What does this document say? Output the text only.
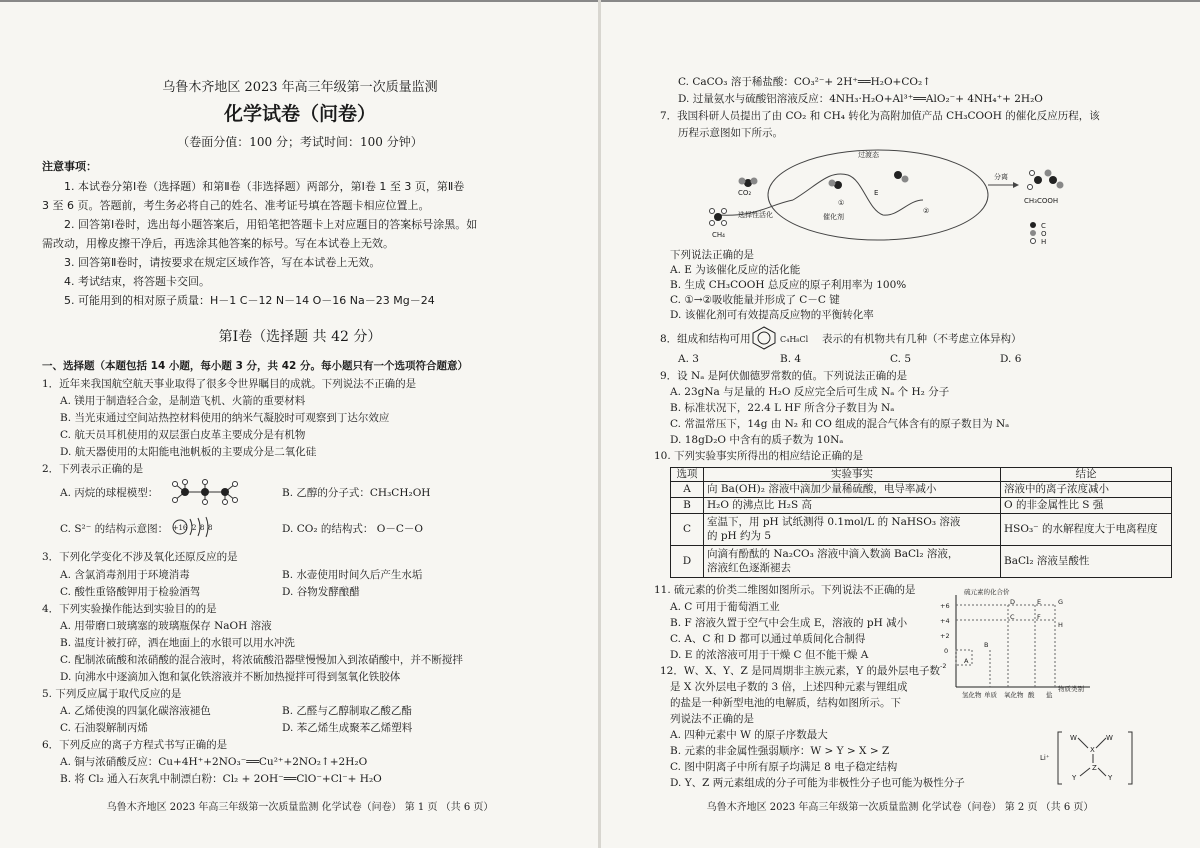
乌鲁木齐地区 2023 年高三年级第一次质量监测
化学试卷（问卷）
（卷面分值：100 分；考试时间：100 分钟）
注意事项：
1. 本试卷分第Ⅰ卷（选择题）和第Ⅱ卷（非选择题）两部分，第Ⅰ卷 1 至 3 页，第Ⅱ卷
3 至 6 页。答题前，考生务必将自己的姓名、准考证号填在答题卡相应位置上。
2. 回答第Ⅰ卷时，选出每小题答案后，用铅笔把答题卡上对应题目的答案标号涂黑。如
需改动，用橡皮擦干净后，再选涂其他答案的标号。写在本试卷上无效。
3. 回答第Ⅱ卷时，请按要求在规定区域作答，写在本试卷上无效。
4. 考试结束，将答题卡交回。
5. 可能用到的相对原子质量：H－1 C－12 N－14 O－16 Na－23 Mg－24
第Ⅰ卷（选择题 共 42 分）
一、选择题（本题包括 14 小题，每小题 3 分，共 42 分。每小题只有一个选项符合题意）
1．近年来我国航空航天事业取得了很多令世界瞩目的成就。下列说法不正确的是
A. 镁用于制造轻合金，是制造飞机、火箭的重要材料
B. 当光束通过空间站热控材料使用的纳米气凝胶时可观察到丁达尔效应
C. 航天员耳机使用的双层蛋白皮革主要成分是有机物
D. 航天器使用的太阳能电池帆板的主要成分是二氧化硅
2．下列表示正确的是
A. 丙烷的球棍模型：	B. 乙醇的分子式：CH₃CH₂OH
C. S²⁻ 的结构示意图： +16 2 8 8	D. CO₂ 的结构式： O－C－O
3．下列化学变化不涉及氧化还原反应的是
A. 含氯消毒剂用于环境消毒	B. 水壶使用时间久后产生水垢
C. 酸性重铬酸钾用于检验酒驾	D. 谷物发酵酿醋
4．下列实验操作能达到实验目的的是
A. 用带磨口玻璃塞的玻璃瓶保存 NaOH 溶液
B. 温度计被打碎，洒在地面上的水银可以用水冲洗
C. 配制浓硫酸和浓硝酸的混合液时，将浓硫酸沿器壁慢慢加入到浓硝酸中，并不断搅拌
D. 向沸水中逐滴加入饱和氯化铁溶液并不断加热搅拌可得到氢氧化铁胶体
5. 下列反应属于取代反应的是
A. 乙烯使溴的四氯化碳溶液褪色	B. 乙醛与乙醇制取乙酸乙酯
C. 石油裂解制丙烯	D. 苯乙烯生成聚苯乙烯塑料
6．下列反应的离子方程式书写正确的是
A. 铜与浓硝酸反应：Cu+4H⁺+2NO₃⁻══Cu²⁺+2NO₂↑+2H₂O
B. 将 Cl₂ 通入石灰乳中制漂白粉：Cl₂ + 2OH⁻══ClO⁻+Cl⁻+ H₂O
乌鲁木齐地区 2023 年高三年级第一次质量监测 化学试卷（问卷） 第 1 页 （共 6 页）
C. CaCO₃ 溶于稀盐酸：CO₃²⁻+ 2H⁺══H₂O+CO₂↑
D. 过量氨水与硫酸铝溶液反应：4NH₃·H₂O+Al³⁺══AlO₂⁻+ 4NH₄⁺+ 2H₂O
7．我国科研人员提出了由 CO₂ 和 CH₄ 转化为高附加值产品 CH₃COOH 的催化反应历程，该
历程示意图如下所示。
过渡态
CO₂
选择性活化
CH₄
催化剂
①
②
E
分离
CH₃COOH
C
O
H
下列说法正确的是
A. E 为该催化反应的活化能
B. 生成 CH₃COOH 总反应的原子利用率为 100%
C. ①→②吸收能量并形成了 C－C 键
D. 该催化剂可有效提高反应物的平衡转化率
8．组成和结构可用	C₄H₈Cl 表示的有机物共有几种（不考虑立体异构）
A. 3	B. 4	C. 5	D. 6
9．设 Nₐ 是阿伏伽德罗常数的值。下列说法正确的是
A. 23gNa 与足量的 H₂O 反应完全后可生成 Nₐ 个 H₂ 分子
B. 标准状况下，22.4 L HF 所含分子数目为 Nₐ
C. 常温常压下，14g 由 N₂ 和 CO 组成的混合气体含有的原子数目为 Nₐ
D. 18gD₂O 中含有的质子数为 10Nₐ
10. 下列实验事实所得出的相应结论正确的是
选项	实验事实	结论
A	向 Ba(OH)₂ 溶液中滴加少量稀硫酸，电导率减小	溶液中的离子浓度减小
B	H₂O 的沸点比 H₂S 高	O 的非金属性比 S 强
C	室温下，用 pH 试纸测得 0.1mol/L 的 NaHSO₃ 溶液
的 pH 约为 5	HSO₃⁻ 的水解程度大于电离程度
D	向滴有酚酞的 Na₂CO₃ 溶液中滴入数滴 BaCl₂ 溶液，
溶液红色逐渐褪去	BaCl₂ 溶液呈酸性
11. 硫元素的价类二维图如图所示。下列说法不正确的是
A. C 可用于葡萄酒工业
B. F 溶液久置于空气中会生成 E，溶液的 pH 减小
C. A、C 和 D 都可以通过单质间化合制得
D. E 的浓溶液可用于干燥 C 但不能干燥 A
硫元素的化合价
+6
+4
+2
0
-2
物质类别
A
B
C
D	E
F
G
H
氢化物 单质 氧化物 酸 盐
12．W、X、Y、Z 是同周期非主族元素，Y 的最外层电子数
是 X 次外层电子数的 3 倍，上述四种元素与锂组成
的盐是一种新型电池的电解质，结构如图所示。下
列说法不正确的是
A. 四种元素中 W 的原子序数最大
B. 元素的非金属性强弱顺序：W > Y > X > Z
C. 图中阴离子中所有原子均满足 8 电子稳定结构
D. Y、Z 两元素组成的分子可能为非极性分子也可能为极性分子
Li⁺
W	W
Y	Y
X
Z
乌鲁木齐地区 2023 年高三年级第一次质量监测 化学试卷（问卷） 第 2 页 （共 6 页）
